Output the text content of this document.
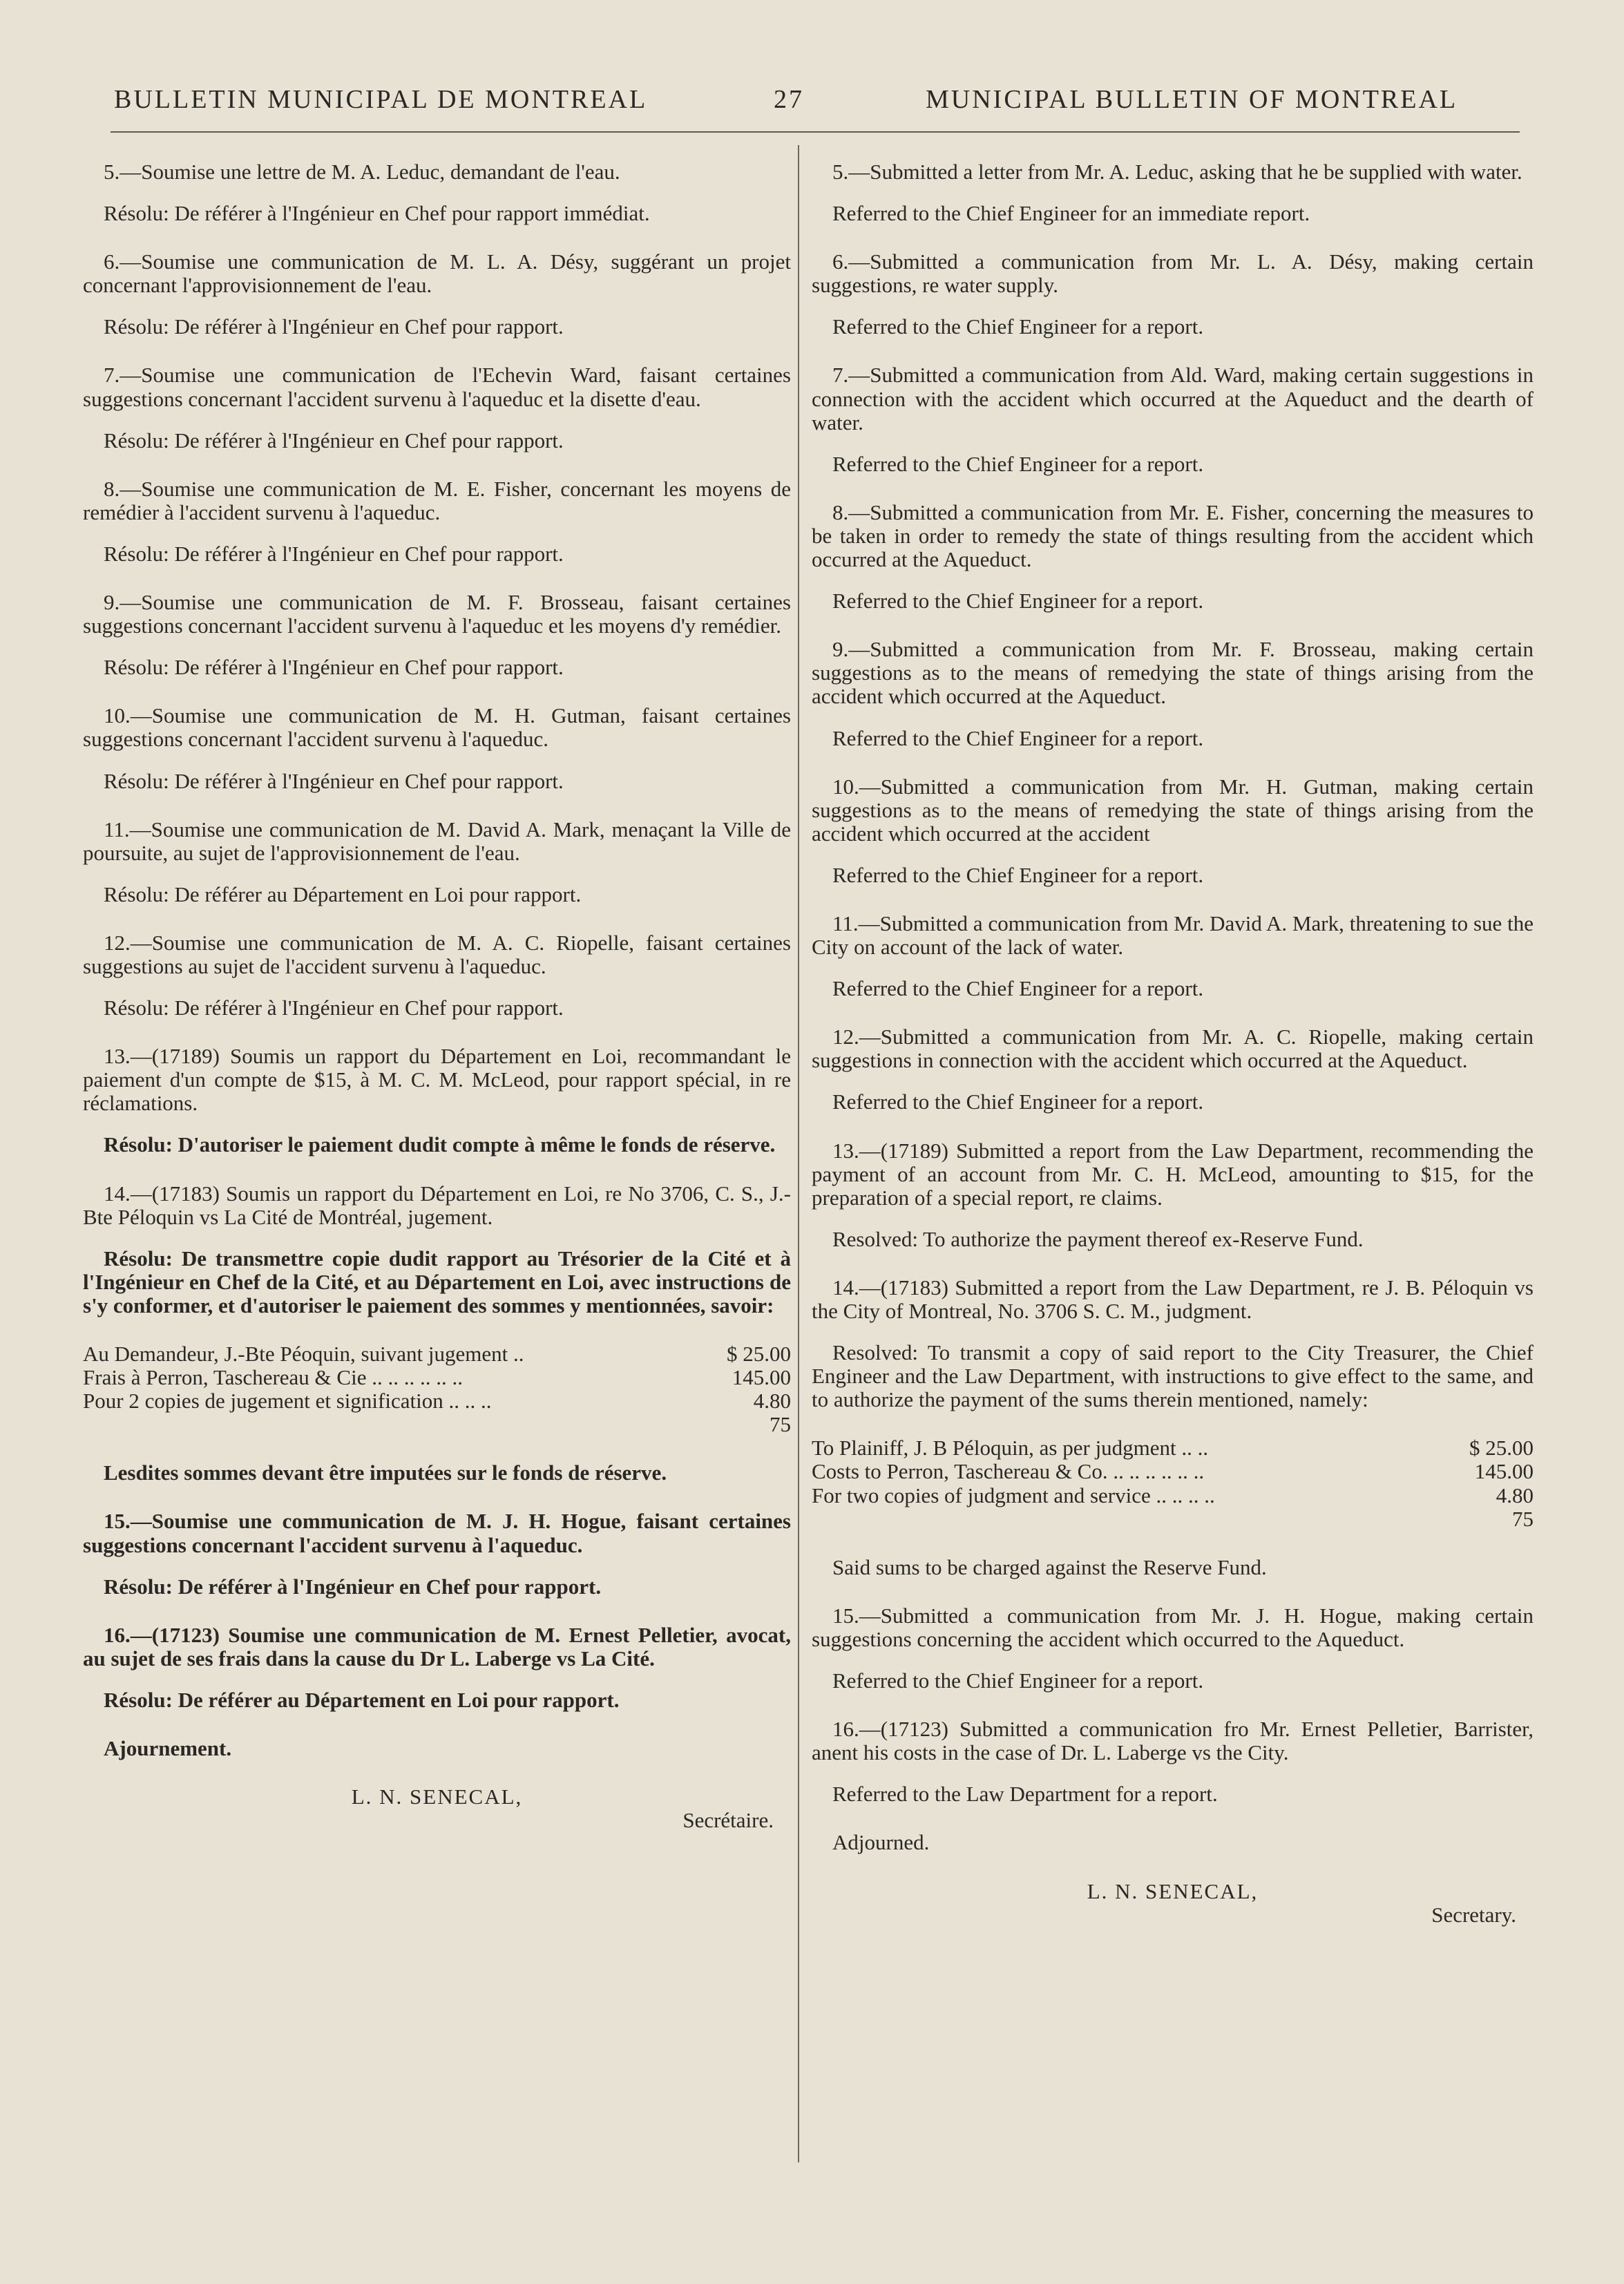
BULLETIN MUNICIPAL DE MONTREAL	27	MUNICIPAL BULLETIN OF MONTREAL

5.—Soumise une lettre de M. A. Leduc, demandant de l'eau.

Résolu: De référer à l'Ingénieur en Chef pour rapport immédiat.

6.—Soumise une communication de M. L. A. Désy, suggérant un projet concernant l'approvisionnement de l'eau.

Résolu: De référer à l'Ingénieur en Chef pour rapport.

7.—Soumise une communication de l'Echevin Ward, faisant certaines suggestions concernant l'accident survenu à l'aqueduc et la disette d'eau.

Résolu: De référer à l'Ingénieur en Chef pour rapport.

8.—Soumise une communication de M. E. Fisher, concernant les moyens de remédier à l'accident survenu à l'aqueduc.

Résolu: De référer à l'Ingénieur en Chef pour rapport.

9.—Soumise une communication de M. F. Brosseau, faisant certaines suggestions concernant l'accident survenu à l'aqueduc et les moyens d'y remédier.

Résolu: De référer à l'Ingénieur en Chef pour rapport.

10.—Soumise une communication de M. H. Gutman, faisant certaines suggestions concernant l'accident survenu à l'aqueduc.

Résolu: De référer à l'Ingénieur en Chef pour rapport.

11.—Soumise une communication de M. David A. Mark, menaçant la Ville de poursuite, au sujet de l'approvisionnement de l'eau.

Résolu: De référer au Département en Loi pour rapport.

12.—Soumise une communication de M. A. C. Riopelle, faisant certaines suggestions au sujet de l'accident survenu à l'aqueduc.

Résolu: De référer à l'Ingénieur en Chef pour rapport.

13.—(17189) Soumis un rapport du Département en Loi, recommandant le paiement d'un compte de $15, à M. C. M. McLeod, pour rapport spécial, in re réclamations.

Résolu: D'autoriser le paiement dudit compte à même le fonds de réserve.

14.—(17183) Soumis un rapport du Département en Loi, re No 3706, C. S., J.-Bte Péloquin vs La Cité de Montréal, jugement.

Résolu: De transmettre copie dudit rapport au Trésorier de la Cité et à l'Ingénieur en Chef de la Cité, et au Département en Loi, avec instructions de s'y conformer, et d'autoriser le paiement des sommes y mentionnées, savoir:

Au Demandeur, J.-Bte Péoquin, suivant jugement ..	$ 25.00
Frais à Perron, Taschereau & Cie .. .. .. .. .. ..	145.00
Pour 2 copies de jugement et signification .. .. ..	4.80
75

Lesdites sommes devant être imputées sur le fonds de réserve.

15.—Soumise une communication de M. J. H. Hogue, faisant certaines suggestions concernant l'accident survenu à l'aqueduc.

Résolu: De référer à l'Ingénieur en Chef pour rapport.

16.—(17123) Soumise une communication de M. Ernest Pelletier, avocat, au sujet de ses frais dans la cause du Dr L. Laberge vs La Cité.

Résolu: De référer au Département en Loi pour rapport.

Ajournement.

L. N. SENECAL,
Secrétaire.

5.—Submitted a letter from Mr. A. Leduc, asking that he be supplied with water.

Referred to the Chief Engineer for an immediate report.

6.—Submitted a communication from Mr. L. A. Désy, making certain suggestions, re water supply.

Referred to the Chief Engineer for a report.

7.—Submitted a communication from Ald. Ward, making certain suggestions in connection with the accident which occurred at the Aqueduct and the dearth of water.

Referred to the Chief Engineer for a report.

8.—Submitted a communication from Mr. E. Fisher, concerning the measures to be taken in order to remedy the state of things resulting from the accident which occurred at the Aqueduct.

Referred to the Chief Engineer for a report.

9.—Submitted a communication from Mr. F. Brosseau, making certain suggestions as to the means of remedying the state of things arising from the accident which occurred at the Aqueduct.

Referred to the Chief Engineer for a report.

10.—Submitted a communication from Mr. H. Gutman, making certain suggestions as to the means of remedying the state of things arising from the accident which occurred at the accident

Referred to the Chief Engineer for a report.

11.—Submitted a communication from Mr. David A. Mark, threatening to sue the City on account of the lack of water.

Referred to the Chief Engineer for a report.

12.—Submitted a communication from Mr. A. C. Riopelle, making certain suggestions in connection with the accident which occurred at the Aqueduct.

Referred to the Chief Engineer for a report.

13.—(17189) Submitted a report from the Law Department, recommending the payment of an account from Mr. C. H. McLeod, amounting to $15, for the preparation of a special report, re claims.

Resolved: To authorize the payment thereof ex-Reserve Fund.

14.—(17183) Submitted a report from the Law Department, re J. B. Péloquin vs the City of Montreal, No. 3706 S. C. M., judgment.

Resolved: To transmit a copy of said report to the City Treasurer, the Chief Engineer and the Law Department, with instructions to give effect to the same, and to authorize the payment of the sums therein mentioned, namely:

To Plainiff, J. B Péloquin, as per judgment .. ..	$ 25.00
Costs to Perron, Taschereau & Co. .. .. .. .. .. ..	145.00
For two copies of judgment and service .. .. .. ..	4.80
75

Said sums to be charged against the Reserve Fund.

15.—Submitted a communication from Mr. J. H. Hogue, making certain suggestions concerning the accident which occurred to the Aqueduct.

Referred to the Chief Engineer for a report.

16.—(17123) Submitted a communication fro Mr. Ernest Pelletier, Barrister, anent his costs in the case of Dr. L. Laberge vs the City.

Referred to the Law Department for a report.

Adjourned.

L. N. SENECAL,
Secretary.
